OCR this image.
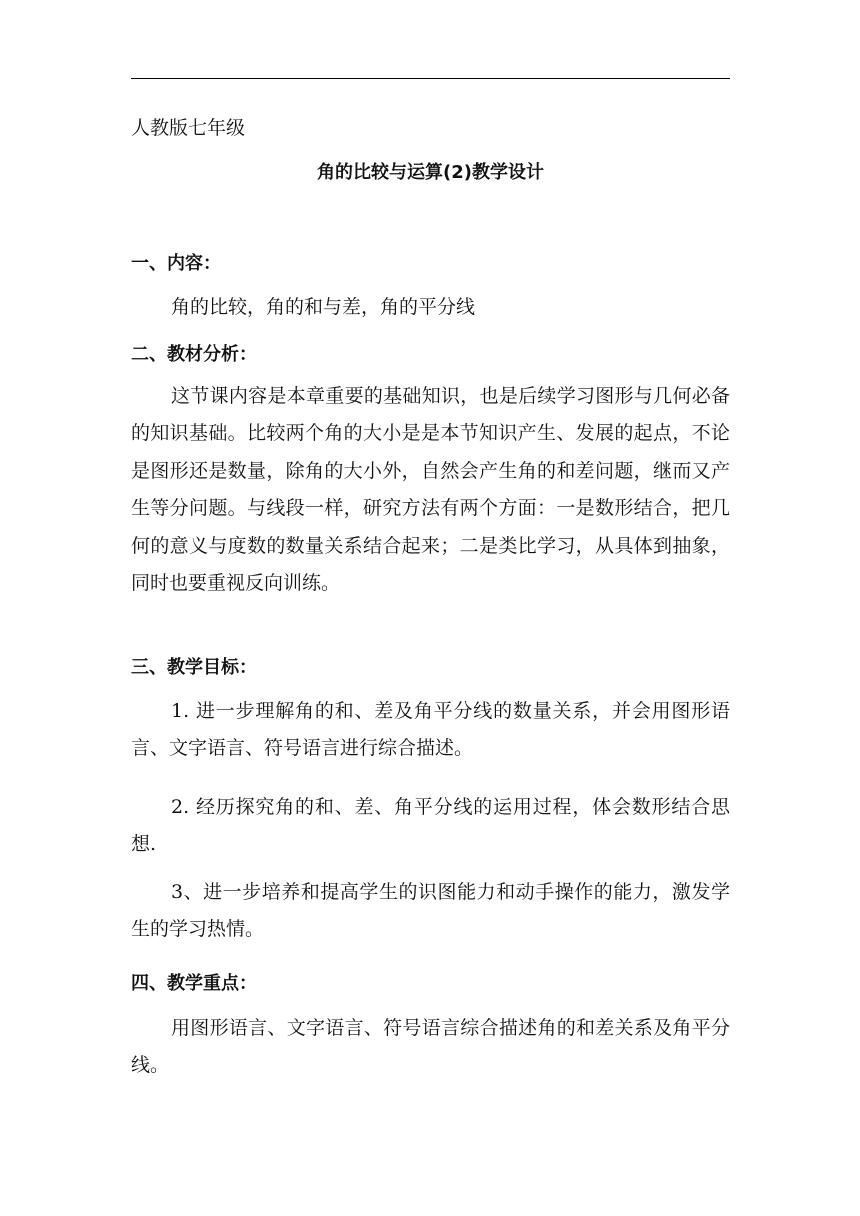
人教版七年级
角的比较与运算(2)教学设计
一、内容：

角的比较，角的和与差，角的平分线

二、教材分析：

这节课内容是本章重要的基础知识，也是后续学习图形与几何必备的知识基础。比较两个角的大小是是本节知识产生、发展的起点，不论是图形还是数量，除角的大小外，自然会产生角的和差问题，继而又产生等分问题。与线段一样，研究方法有两个方面：一是数形结合，把几何的意义与度数的数量关系结合起来；二是类比学习，从具体到抽象，同时也要重视反向训练。

三、教学目标：

1. 进一步理解角的和、差及角平分线的数量关系，并会用图形语言、文字语言、符号语言进行综合描述。

2. 经历探究角的和、差、角平分线的运用过程，体会数形结合思想.

3、进一步培养和提高学生的识图能力和动手操作的能力，激发学生的学习热情。

四、教学重点：

用图形语言、文字语言、符号语言综合描述角的和差关系及角平分线。
